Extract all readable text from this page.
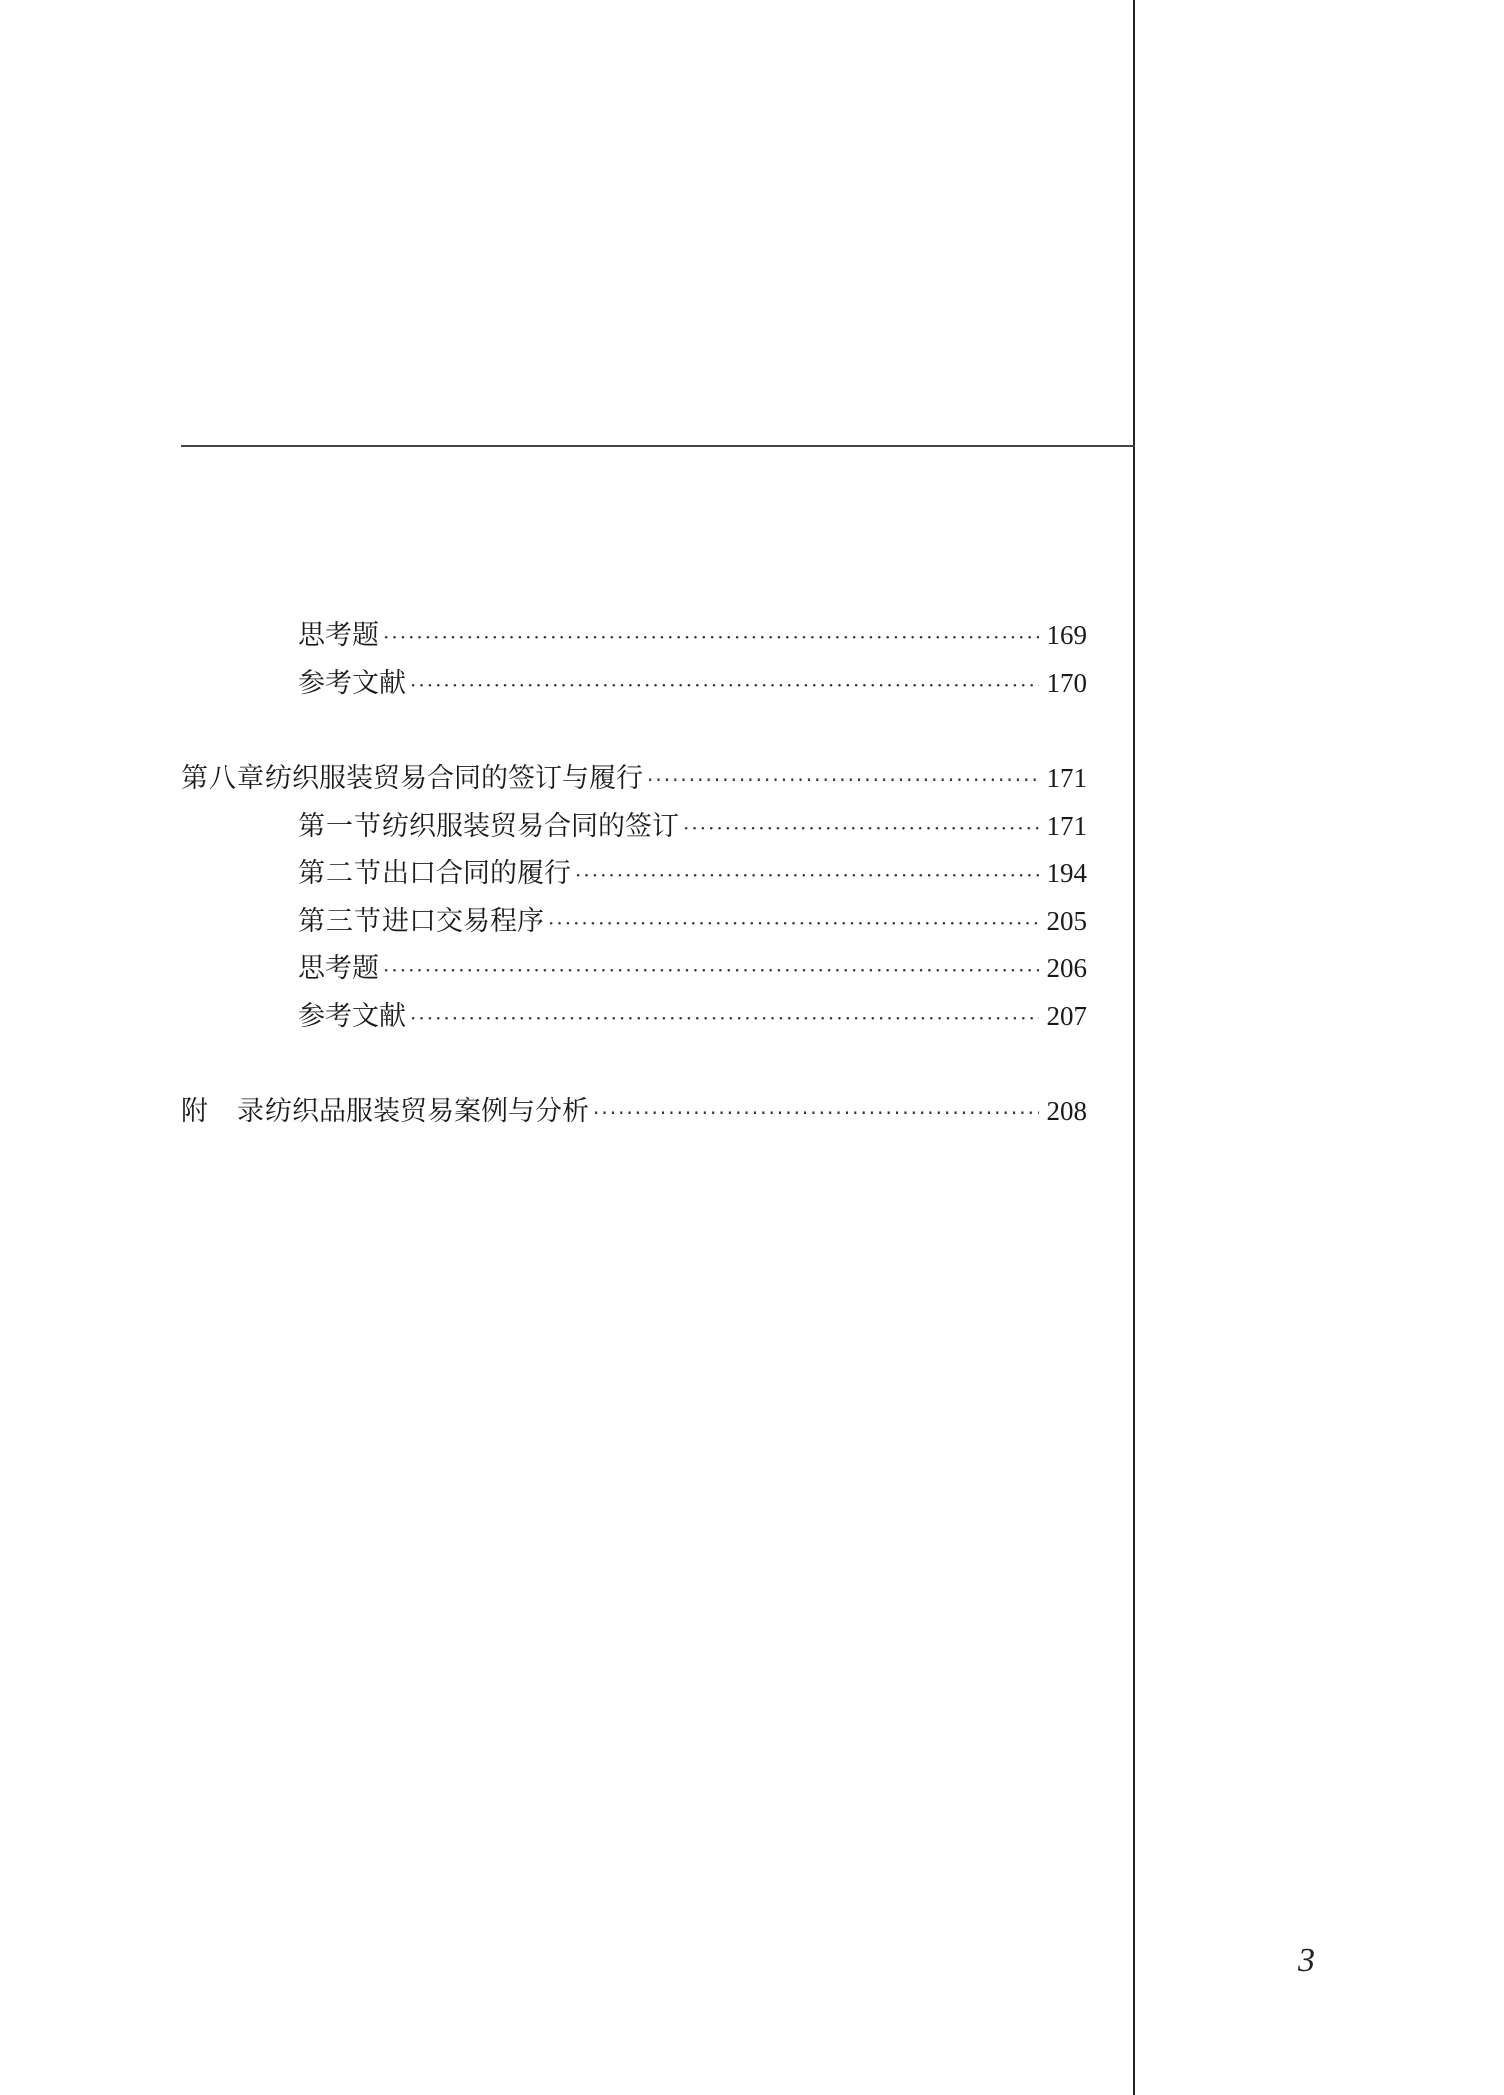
思考题 ·····	169
参考文献 ·····	170
第八章 纺织服装贸易合同的签订与履行 ·····	171
第一节 纺织服装贸易合同的签订 ·····	171
第二节 出口合同的履行 ·····	194
第三节 进口交易程序 ·····	205
思考题 ·····	206
参考文献 ·····	207
附　录 纺织品服装贸易案例与分析 ·····	208
3
